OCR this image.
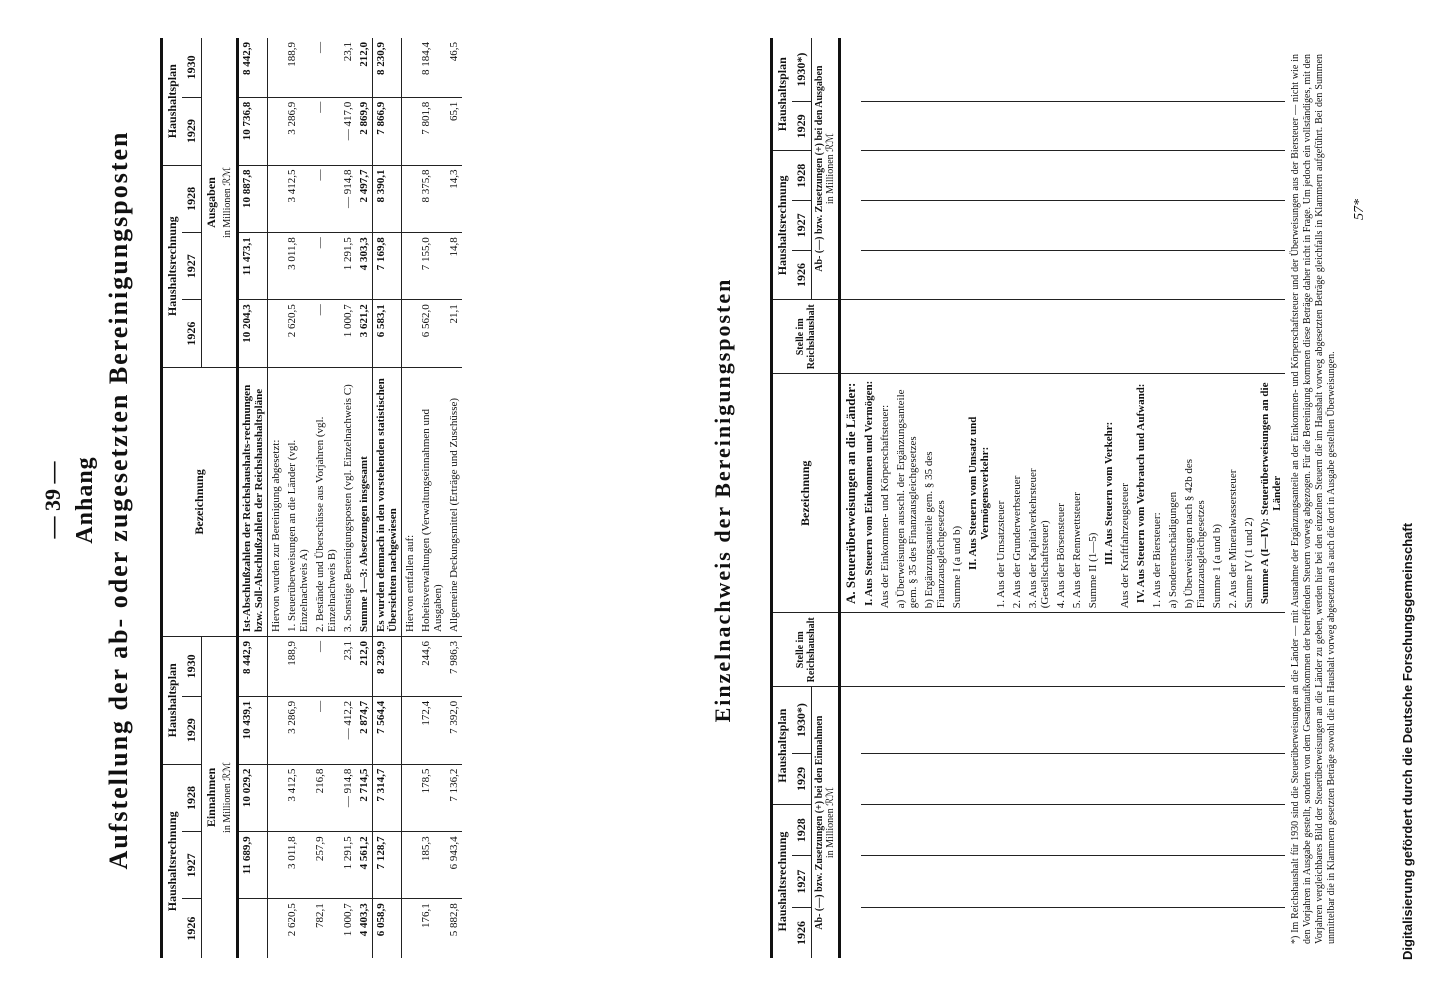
— 39 — Anhang Aufstellung der ab- oder zugesetzten Bereinigungsposten	Haushaltsrechnung			Haushaltsplan		Bezeichnung	Haushaltsrechnung			Haushaltsplan	
1926	1927	1928	1929	1930		1926	1927	1928	1929	1930
Einnahmen in Millionen ℛℳ						Ausgaben in Millionen ℛℳ				
	11 689,9	10 029,2	10 439,1	8 442,9	Ist-Abschlußzahlen der Reichshaushalts-rechnungen bzw. Soll-Abschlußzahlen der Reichshaushaltspläne	10 204,3	11 473,1	10 887,8	10 736,8	8 442,9
					Hiervon wurden zur Bereinigung abgesetzt:					
2 620,5	3 011,8	3 412,5	3 286,9	188,9	1. Steuerüberweisungen an die Länder (vgl. Einzelnachweis A)	2 620,5	3 011,8	3 412,5	3 286,9	188,9
782,1	257,9	216,8	—	—	2. Bestände und Überschüsse aus Vorjahren (vgl. Einzelnachweis B)	—	—	—	—	—
1 000,7	1 291,5	— 914,8	— 412,2	23,1	3. Sonstige Bereinigungsposten (vgl. Einzelnachweis C)	1 000,7	1 291,5	— 914,8	— 417,0	23,1
4 403,3	4 561,2	2 714,5	2 874,7	212,0	Summe 1—3: Absetzungen insgesamt	3 621,2	4 303,3	2 497,7	2 869,9	212,0
6 058,9	7 128,7	7 314,7	7 564,4	8 230,9	Es wurden demnach in den vorstehenden statistischen Übersichten nachgewiesen	6 583,1	7 169,8	8 390,1	7 866,9	8 230,9
					Hiervon entfallen auf:					
176,1	185,3	178,5	172,4	244,6	Hoheitsverwaltungen (Verwaltungseinnahmen und Ausgaben)	6 562,0	7 155,0	8 375,8	7 801,8	8 184,4
5 882,8	6 943,4	7 136,2	7 392,0	7 986,3	Allgemeine Deckungsmittel (Erträge und Zuschüsse)	21,1	14,8	14,3	65,1	46,5
Einzelnachweis der Bereinigungsposten
Haushaltsrechnung			Haushaltsplan		Stelle im Reichshaushalt	Bezeichnung	Stelle im Reichshaushalt	Haushaltsrechnung			Haushaltsplan	
1926	1927	1928	1929	1930*)				1926	1927	1928	1929	1930*)
Ab- (—) bzw. Zusetzungen (+) bei den Einnahmen
in Millionen ℛℳ								Ab- (—) bzw. Zusetzungen (+) bei den Ausgaben
in Millionen ℛℳ				
						A. Steuerüberweisungen an die Länder:						
						I. Aus Steuern vom Einkommen und Vermögen:						
						Aus der Einkommen- und Körperschaftsteuer:						
						a) Überweisungen ausschl. der Ergänzungsanteile gem. § 35 des Finanzausgleichgesetzes						
						b) Ergänzungsanteile gem. § 35 des Finanzausgleichgesetzes						
						Summe I (a und b)						
						II. Aus Steuern vom Umsatz und Vermögensverkehr:						
						1. Aus der Umsatzsteuer						
						2. Aus der Grunderwerbsteuer						
						3. Aus der Kapitalverkehrsteuer (Gesellschaftsteuer)						
						4. Aus der Börsensteuer						
						5. Aus der Rennwettsteuer						
						Summe II (1—5)						
						III. Aus Steuern vom Verkehr:						
						Aus der Kraftfahrzeugsteuer						
						IV. Aus Steuern vom Verbrauch und Aufwand:						
						1. Aus der Biersteuer:						
						a) Sonderentschädigungen						
						b) Überweisungen nach § 42b des Finanzausgleichgesetzes						
						Summe 1 (a und b)						
						2. Aus der Mineralwassersteuer						
						Summe IV (1 und 2)						
						Summe A (I—IV): Steuerüberweisungen an die Länder						*) Im Reichshaushalt für 1930 sind die Steuerüberweisungen an die Länder — mit Ausnahme der Ergänzungsanteile an der Einkommen- und Körperschaftsteuer und der Überweisungen aus der Biersteuer — nicht wie in den Vorjahren in Ausgabe gestellt, sondern von dem Gesamtaufkommen der betreffenden Steuern vorweg abgezogen. Für die Bereinigung kommen diese Beträge daher nicht in Frage. Um jedoch ein vollständiges, mit den Vorjahren vergleichbares Bild der Steuerüberweisungen an die Länder zu geben, werden hier bei den einzelnen Steuern die im Haushalt vorweg abgesetzten Beträge gleichfalls in Klammern aufgeführt. Bei den Summen unmittelbar die in Klammern gesetzten Beträge sowohl die im Haushalt vorweg abgesetzten als auch die dort in Ausgabe gestellten Überweisungen.
57*
Digitalisierung gefördert durch die Deutsche Forschungsgemeinschaft
